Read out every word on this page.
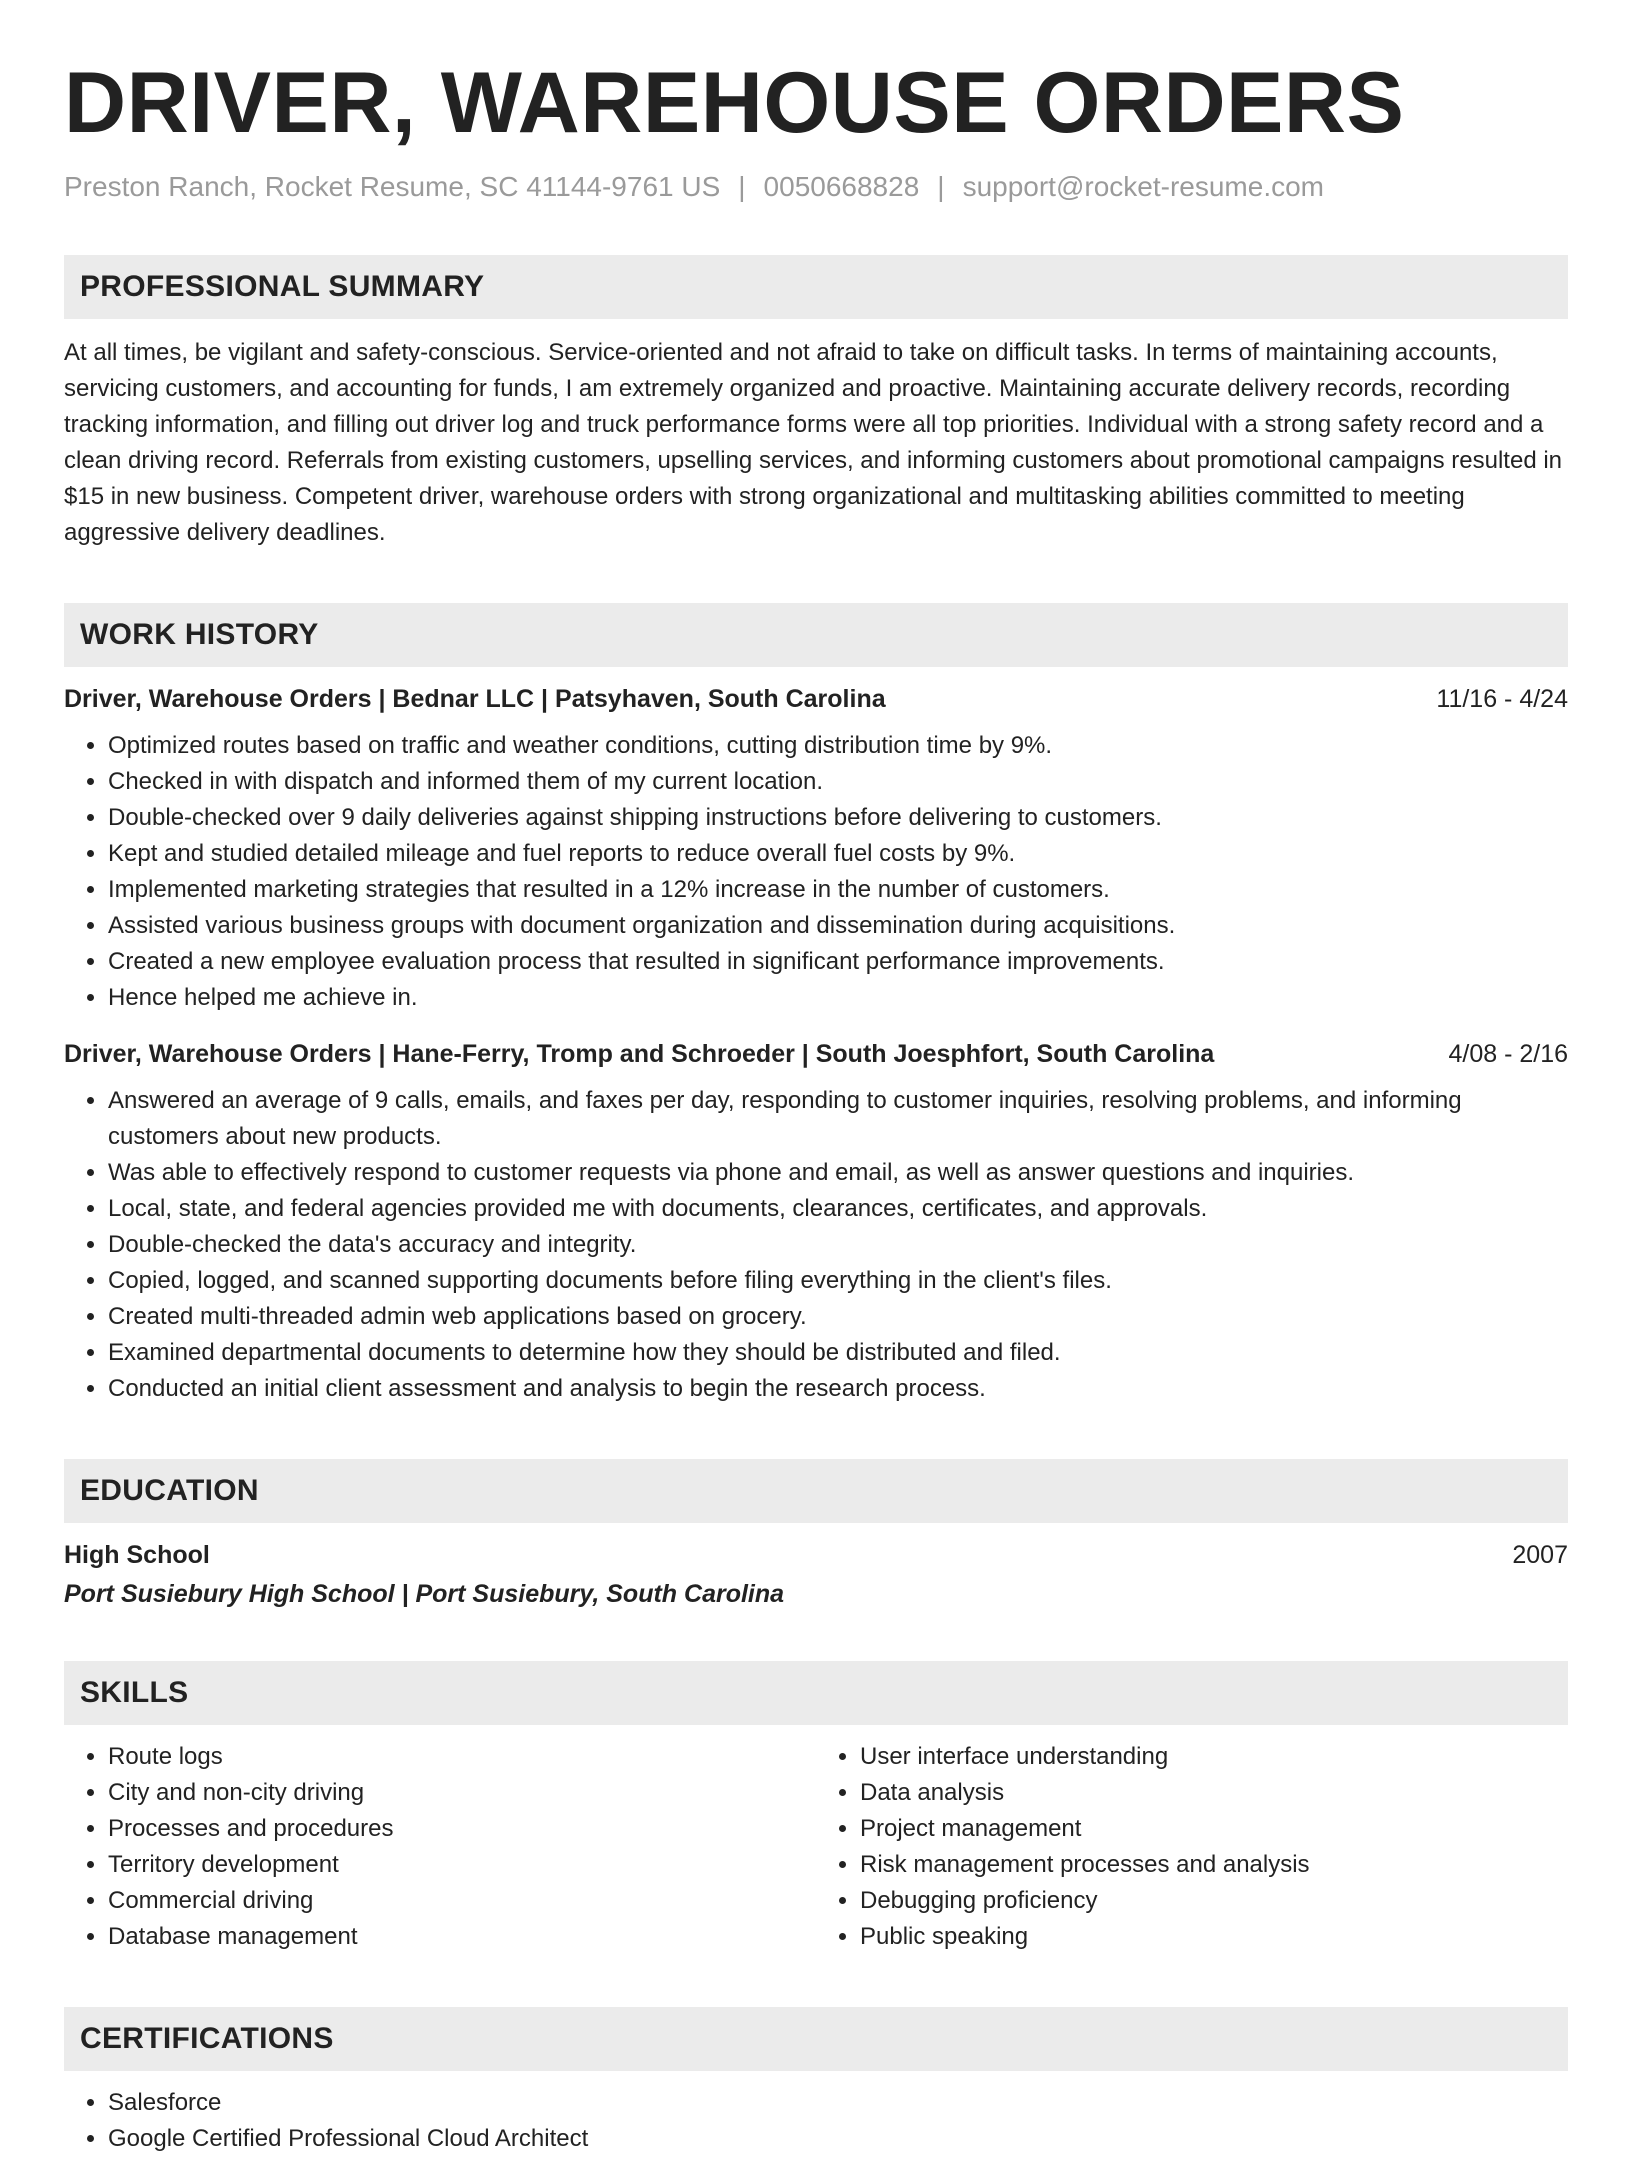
DRIVER, WAREHOUSE ORDERS
Preston Ranch, Rocket Resume, SC 41144-9761 US | 0050668828 | support@rocket-resume.com
PROFESSIONAL SUMMARY
At all times, be vigilant and safety-conscious. Service-oriented and not afraid to take on difficult tasks. In terms of maintaining accounts, servicing customers, and accounting for funds, I am extremely organized and proactive. Maintaining accurate delivery records, recording tracking information, and filling out driver log and truck performance forms were all top priorities. Individual with a strong safety record and a clean driving record. Referrals from existing customers, upselling services, and informing customers about promotional campaigns resulted in $15 in new business. Competent driver, warehouse orders with strong organizational and multitasking abilities committed to meeting aggressive delivery deadlines.
WORK HISTORY
Driver, Warehouse Orders | Bednar LLC | Patsyhaven, South Carolina	11/16 - 4/24
• Optimized routes based on traffic and weather conditions, cutting distribution time by 9%.
• Checked in with dispatch and informed them of my current location.
• Double-checked over 9 daily deliveries against shipping instructions before delivering to customers.
• Kept and studied detailed mileage and fuel reports to reduce overall fuel costs by 9%.
• Implemented marketing strategies that resulted in a 12% increase in the number of customers.
• Assisted various business groups with document organization and dissemination during acquisitions.
• Created a new employee evaluation process that resulted in significant performance improvements.
• Hence helped me achieve in.
Driver, Warehouse Orders | Hane-Ferry, Tromp and Schroeder | South Joesphfort, South Carolina	4/08 - 2/16
• Answered an average of 9 calls, emails, and faxes per day, responding to customer inquiries, resolving problems, and informing customers about new products.
• Was able to effectively respond to customer requests via phone and email, as well as answer questions and inquiries.
• Local, state, and federal agencies provided me with documents, clearances, certificates, and approvals.
• Double-checked the data's accuracy and integrity.
• Copied, logged, and scanned supporting documents before filing everything in the client's files.
• Created multi-threaded admin web applications based on grocery.
• Examined departmental documents to determine how they should be distributed and filed.
• Conducted an initial client assessment and analysis to begin the research process.
EDUCATION
High School	2007
Port Susiebury High School | Port Susiebury, South Carolina
SKILLS
• Route logs
• City and non-city driving
• Processes and procedures
• Territory development
• Commercial driving
• Database management
• User interface understanding
• Data analysis
• Project management
• Risk management processes and analysis
• Debugging proficiency
• Public speaking
CERTIFICATIONS
• Salesforce
• Google Certified Professional Cloud Architect
